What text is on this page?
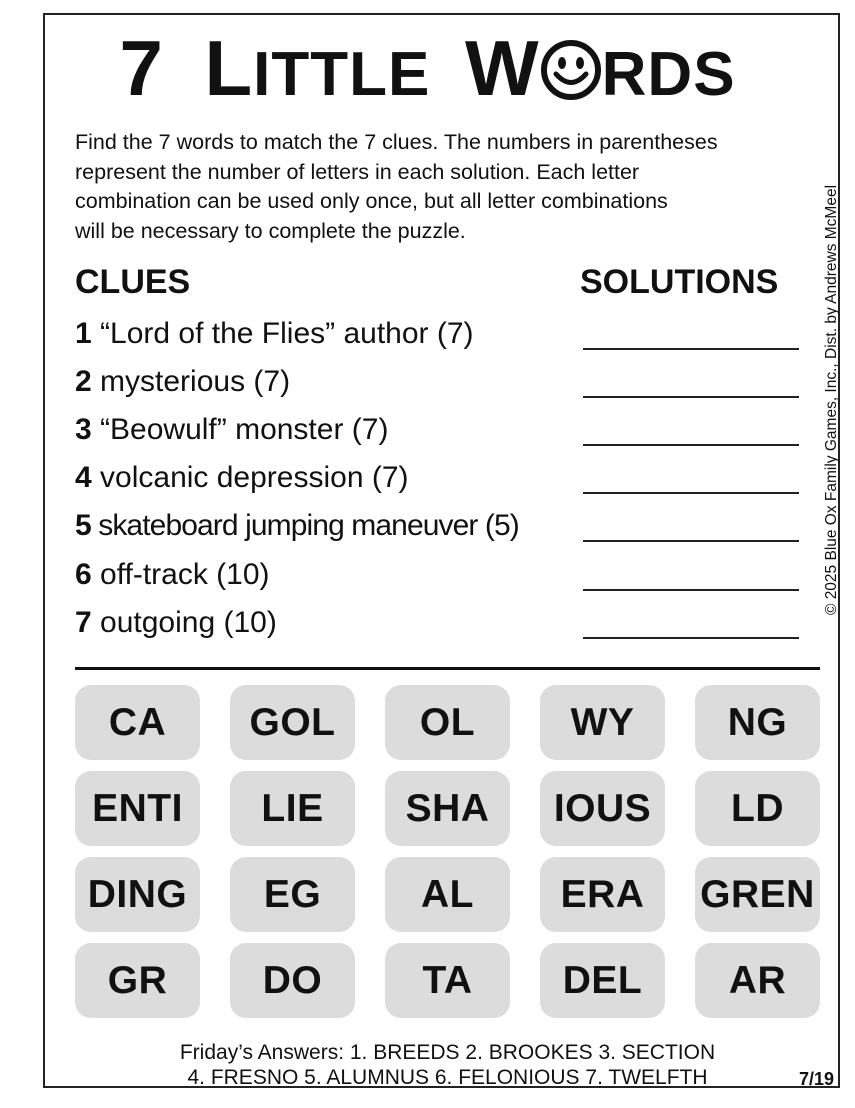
7 LITTLE W RDS
Find the 7 words to match the 7 clues. The numbers in parentheses
represent the number of letters in each solution. Each letter
combination can be used only once, but all letter combinations
will be necessary to complete the puzzle.	© 2025 Blue Ox Family Games, Inc., Dist. by Andrews McMeel
CLUES	SOLUTIONS
1 “Lord of the Flies” author (7)
2 mysterious (7)
3 “Beowulf” monster (7)
4 volcanic depression (7)
5 skateboard jumping maneuver (5)
6 off-track (10)
7 outgoing (10)
CA	GOL	OL	WY	NG
ENTI	LIE	SHA	IOUS	LD
DING	EG	AL	ERA	GREN
GR	DO	TA	DEL	AR
Friday’s Answers: 1. BREEDS 2. BROOKES 3. SECTION
4. FRESNO 5. ALUMNUS 6. FELONIOUS 7. TWELFTH	7/19
